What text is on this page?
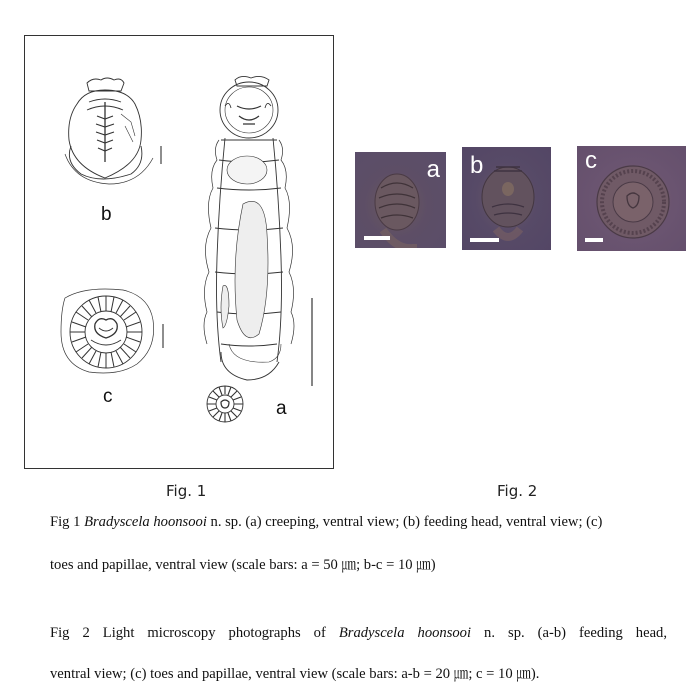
b
c
a
a b	c
Fig. 1	Fig. 2
Fig 1 Bradyscela hoonsooi n. sp. (a) creeping, ventral view; (b) feeding head, ventral view; (c)
toes and papillae, ventral view (scale bars: a = 50 ㎛; b-c = 10 ㎛)
Fig 2 Light microscopy photographs of Bradyscela hoonsooi n. sp. (a-b) feeding head,
ventral view; (c) toes and papillae, ventral view (scale bars: a-b = 20 ㎛; c = 10 ㎛).
